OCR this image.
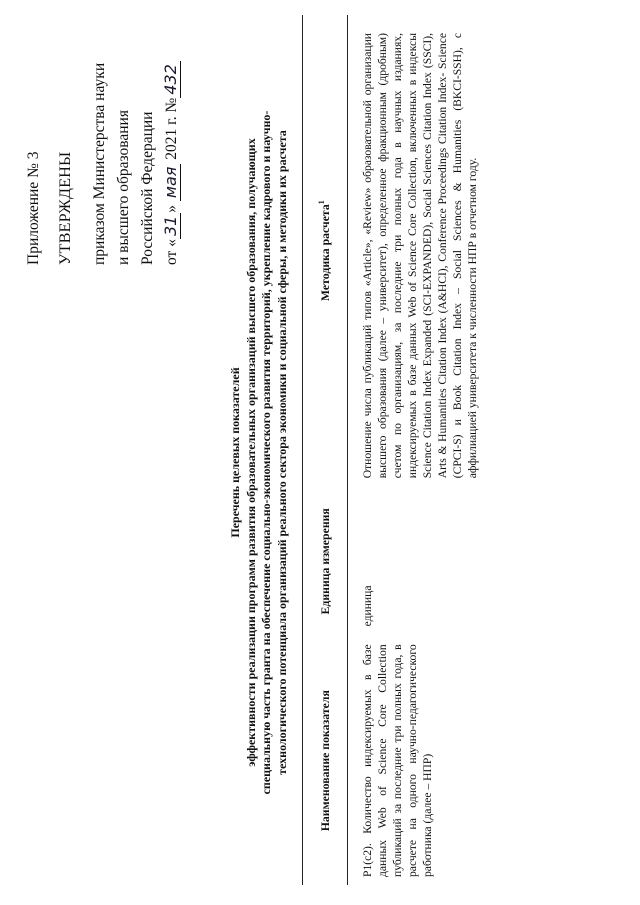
Приложение № 3 УТВЕРЖДЕНЫ приказом Министерства науки и высшего образования Российской Федерации от «31» мая 2021 г. №432
Перечень целевых показателей эффективности реализации программ развития образовательных организаций высшего образования, получающих специальную часть гранта на обеспечение социально-экономического развития территорий, укрепление кадрового и научно- технологического потенциала организаций реального сектора экономики и социальной сферы, и методики их расчета Наименование показателя	Единица измерения	Методика расчета$^1$
P1(с2). Количество индексируемых в базе данных Web of Science Core Collection публикаций за последние три полных года, в расчете на одного научно-педагогического работника (далее – НПР)	единица	Отношение числа публикаций типов «Article», «Review» образовательной организации высшего образования (далее – университет), определенное фракционным (дробным) счетом по организациям, за последние три полных года в научных изданиях, индексируемых в базе данных Web of Science Core Collection, включенных в индексы Science Citation Index Expanded (SCI-EXPANDED), Social Sciences Citation Index (SSCI), Arts & Humanities Citation Index (A&HCI), Conference Proceedings Citation Index- Science (CPCI-S) и Book Citation Index – Social Sciences & Humanities (BKCI-SSH), с аффилиацией университета к численности НПР в отчетном году.
